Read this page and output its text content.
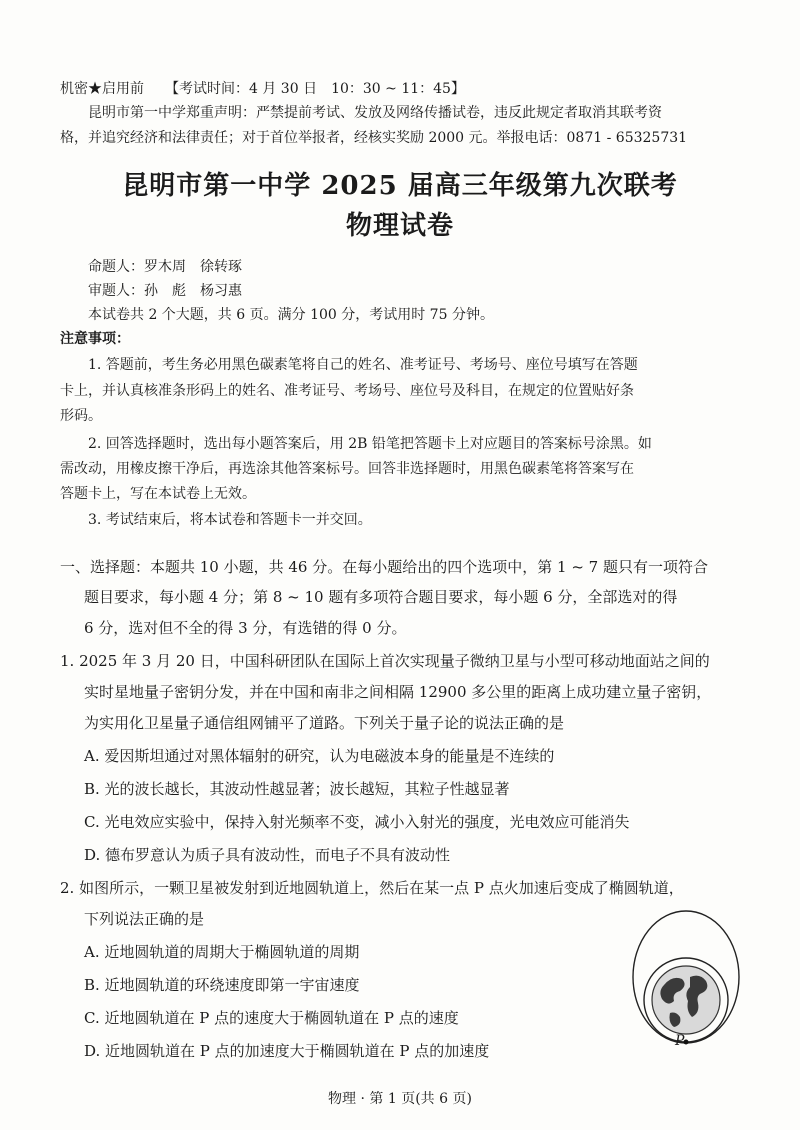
机密★启用前　　【考试时间：4 月 30 日　10：30 ~ 11：45】
昆明市第一中学郑重声明：严禁提前考试、发放及网络传播试卷，违反此规定者取消其联考资
格，并追究经济和法律责任；对于首位举报者，经核实奖励 2000 元。举报电话：0871 - 65325731
昆明市第一中学 2025 届高三年级第九次联考
物理试卷
命题人：罗木周　徐转琢
审题人：孙　彪　杨习惠
本试卷共 2 个大题，共 6 页。满分 100 分，考试用时 75 分钟。
注意事项：
1. 答题前，考生务必用黑色碳素笔将自己的姓名、准考证号、考场号、座位号填写在答题
卡上，并认真核准条形码上的姓名、准考证号、考场号、座位号及科目，在规定的位置贴好条
形码。
2. 回答选择题时，选出每小题答案后，用 2B 铅笔把答题卡上对应题目的答案标号涂黑。如
需改动，用橡皮擦干净后，再选涂其他答案标号。回答非选择题时，用黑色碳素笔将答案写在
答题卡上，写在本试卷上无效。
3. 考试结束后，将本试卷和答题卡一并交回。
一、选择题：本题共 10 小题，共 46 分。在每小题给出的四个选项中，第 1 ~ 7 题只有一项符合
题目要求，每小题 4 分；第 8 ~ 10 题有多项符合题目要求，每小题 6 分，全部选对的得
6 分，选对但不全的得 3 分，有选错的得 0 分。
1. 2025 年 3 月 20 日，中国科研团队在国际上首次实现量子微纳卫星与小型可移动地面站之间的
实时星地量子密钥分发，并在中国和南非之间相隔 12900 多公里的距离上成功建立量子密钥，
为实用化卫星量子通信组网铺平了道路。下列关于量子论的说法正确的是
A. 爱因斯坦通过对黑体辐射的研究，认为电磁波本身的能量是不连续的
B. 光的波长越长，其波动性越显著；波长越短，其粒子性越显著
C. 光电效应实验中，保持入射光频率不变，减小入射光的强度，光电效应可能消失
D. 德布罗意认为质子具有波动性，而电子不具有波动性
2. 如图所示，一颗卫星被发射到近地圆轨道上，然后在某一点 P 点火加速后变成了椭圆轨道，
下列说法正确的是
A. 近地圆轨道的周期大于椭圆轨道的周期
B. 近地圆轨道的环绕速度即第一宇宙速度
C. 近地圆轨道在 P 点的速度大于椭圆轨道在 P 点的速度
D. 近地圆轨道在 P 点的加速度大于椭圆轨道在 P 点的加速度
P
物理 · 第 1 页(共 6 页)
